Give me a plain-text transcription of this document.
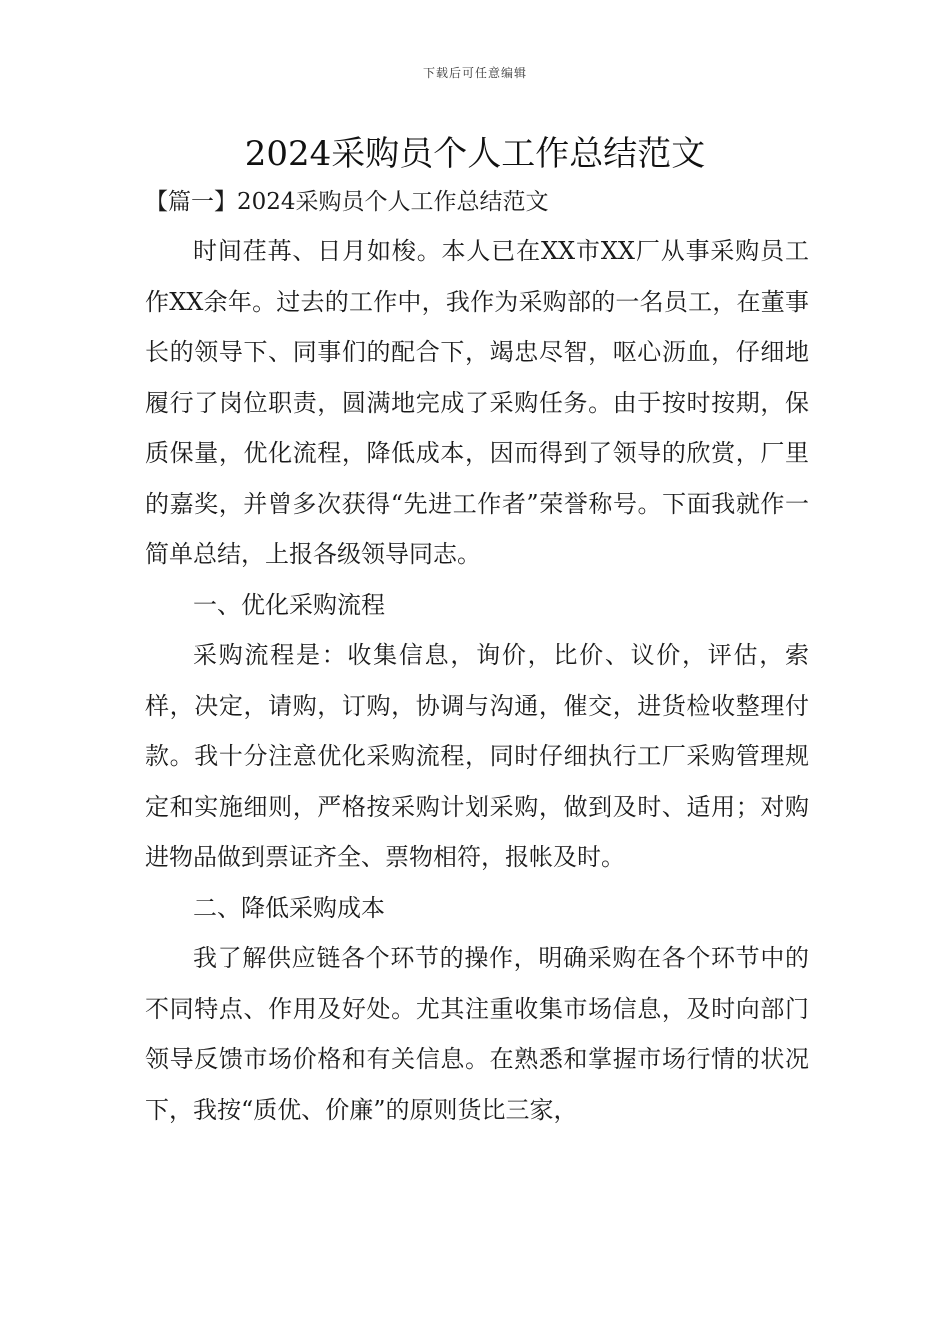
下载后可任意编辑
2024采购员个人工作总结范文
【篇一】2024采购员个人工作总结范文

时间荏苒、日月如梭。本人已在XX市XX厂从事采购员工作XX余年。过去的工作中，我作为采购部的一名员工，在董事长的领导下、同事们的配合下，竭忠尽智，呕心沥血，仔细地履行了岗位职责，圆满地完成了采购任务。由于按时按期，保质保量，优化流程，降低成本，因而得到了领导的欣赏，厂里的嘉奖，并曾多次获得“先进工作者”荣誉称号。下面我就作一简单总结，上报各级领导同志。

一、优化采购流程

采购流程是：收集信息，询价，比价、议价，评估，索样，决定，请购，订购，协调与沟通，催交，进货检收整理付款。我十分注意优化采购流程，同时仔细执行工厂采购管理规定和实施细则，严格按采购计划采购，做到及时、适用；对购进物品做到票证齐全、票物相符，报帐及时。

二、降低采购成本

我了解供应链各个环节的操作，明确采购在各个环节中的不同特点、作用及好处。尤其注重收集市场信息，及时向部门领导反馈市场价格和有关信息。在熟悉和掌握市场行情的状况下，我按“质优、价廉”的原则货比三家，
